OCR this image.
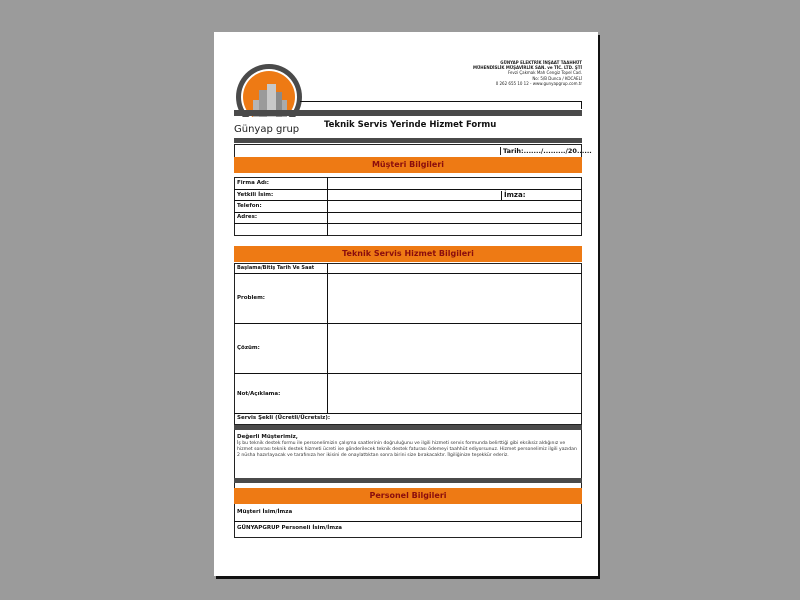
Günyap grup
GÜNYAP ELEKTRİK İNŞAAT TAAHHÜT
MÜHENDİSLİK MÜŞAVİRLİK SAN. ve TİC. LTD. ŞTİ
Fevzi Çakmak Mah Cengiz Topel Cad.
No: 5/B Dunca / KOCAELİ
0 262 655 10 12 - www.gunyapgrup.com.tr
Teknik Servis Yerinde Hizmet Formu
Tarih:......./........./20......
Müşteri Bilgileri
Firma Adı:
Yetkili İsim:	İmza:
Telefon:
Adres:
Teknik Servis Hizmet Bilgileri
Başlama/Bitiş Tarih Ve Saat
Problem:
Çözüm:
Not/Açıklama:
Servis Şekli (Ücretli/Ücretsiz):
Değerli Müşterimiz,
İş bu teknik destek formu ile personelimizin çalışma saatlerinin doğruluğunu ve ilgili hizmeti servis formunda belirttiği gibi eksiksiz aldığınız ve hizmet sonrası teknik destek hizmeti ücreti ise gönderilecek teknik destek faturası ödemeyi taahhüt ediyorsunuz. Hizmet personelimiz ilgili yazıdan 2 nüsha hazırlayacak ve tarafınıza her ikisini de onaylattıktan sonra birini size bırakacaktır. İlgiliğinize teşekkür ederiz.
Personel Bilgileri
Müşteri İsim/İmza
GÜNYAPGRUP Personeli İsim/İmza
